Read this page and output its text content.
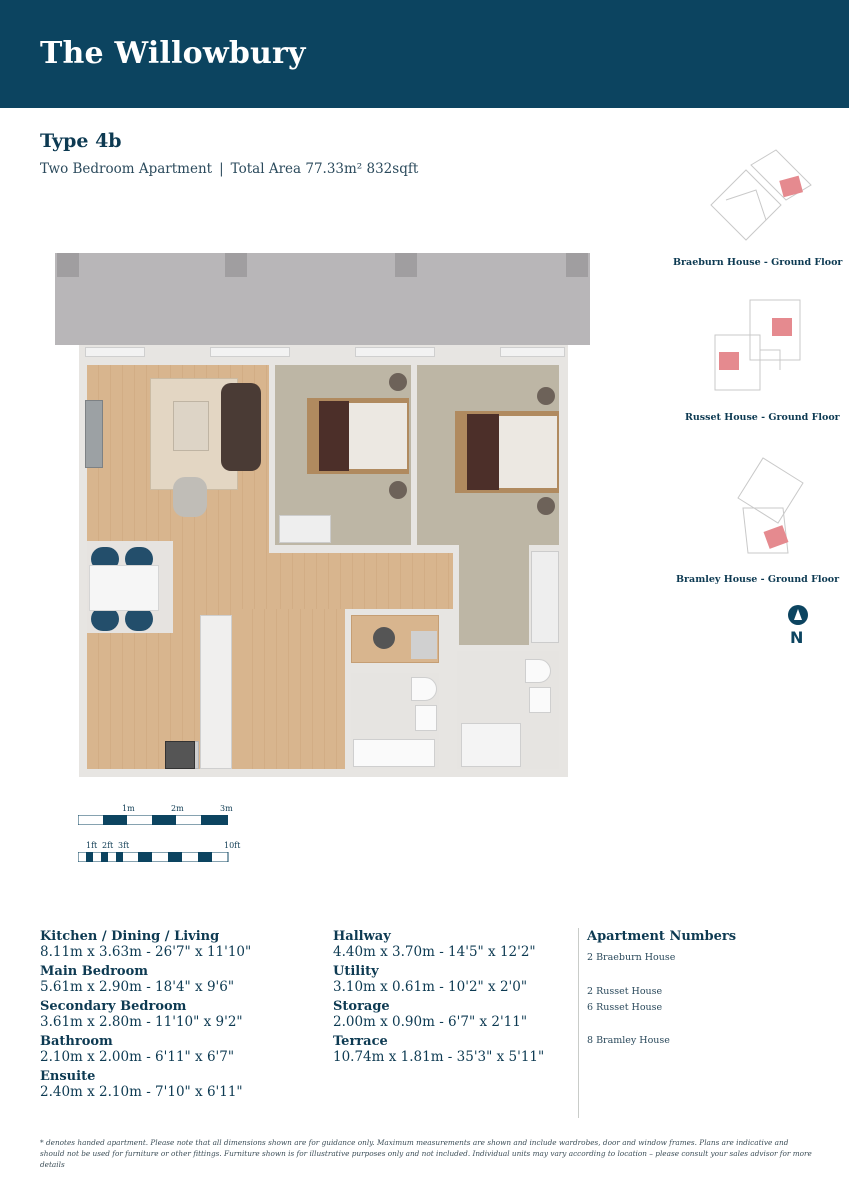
The Willowbury
Type 4b
Two Bedroom Apartment | Total Area 77.33m² 832sqft
Braeburn House - Ground Floor
Russet House - Ground Floor
Bramley House - Ground Floor
N
1m	2m	3m
1ft 2ft 3ft	10ft
Kitchen / Dining / Living
8.11m x 3.63m - 26'7" x 11'10"
Main Bedroom
5.61m x 2.90m - 18'4" x 9'6"
Secondary Bedroom
3.61m x 2.80m - 11'10" x 9'2"
Bathroom
2.10m x 2.00m - 6'11" x 6'7"
Ensuite
2.40m x 2.10m - 7'10" x 6'11"
Hallway
4.40m x 3.70m - 14'5" x 12'2"
Utility
3.10m x 0.61m - 10'2" x 2'0"
Storage
2.00m x 0.90m - 6'7" x 2'11"
Terrace
10.74m x 1.81m - 35'3" x 5'11"
Apartment Numbers
2 Braeburn House
2 Russet House
6 Russet House
8 Bramley House
* denotes handed apartment. Please note that all dimensions shown are for guidance only. Maximum measurements are shown and include wardrobes, door and window frames. Plans are indicative and should not be used for furniture or other fittings. Furniture shown is for illustrative purposes only and not included. Individual units may vary according to location – please consult your sales advisor for more details
